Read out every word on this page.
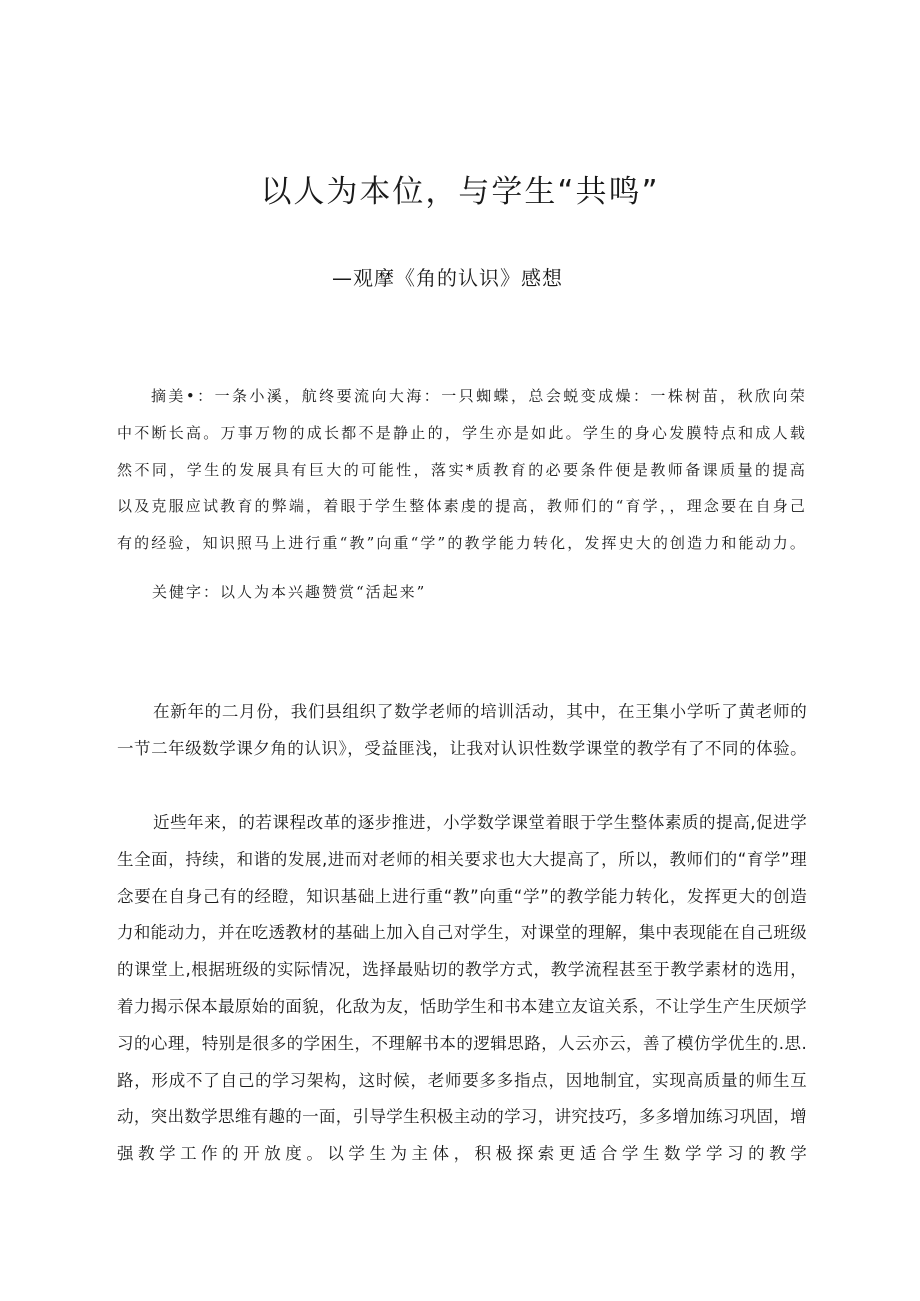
以人为本位，与学生“共鸣”
—观摩《角的认识》感想

摘美•：一条小溪，航终要流向大海：一只蜘蝶，总会蜕变成燥：一株树苗，秋欣向荣中不断长高。万事万物的成长都不是静止的，学生亦是如此。学生的身心发膜特点和成人载然不同，学生的发展具有巨大的可能性，落实*质教育的必要条件便是教师备课质量的提高以及克服应试教育的弊端，着眼于学生整体素虔的提高，教师们的“育学，，理念要在自身己有的经验，知识照马上进行重“教”向重“学”的教学能力转化，发挥史大的创造力和能动力。

关健字：以人为本兴趣赞赏“活起来”

在新年的二月份，我们县组织了数学老师的培训活动，其中，在王集小学听了黄老师的一节二年级数学课夕角的认识》，受益匪浅，让我对认识性数学课堂的教学有了不同的体验。

近些年来，的若课程改革的逐步推进，小学数学课堂着眼于学生整体素质的提高,促进学生全面，持续，和谐的发展,进而对老师的相关要求也大大提高了，所以，教师们的“育学”理念要在自身己有的经瞪，知识基础上进行重“教”向重“学”的教学能力转化，发挥更大的创造力和能动力，并在吃透教材的基础上加入自己对学生，对课堂的理解，集中表现能在自己班级的课堂上,根据班级的实际情况，选择最贴切的教学方式，教学流程甚至于教学素材的选用，着力揭示保本最原始的面貌，化敌为友，恬助学生和书本建立友谊关系，不让学生产生厌烦学习的心理，特别是很多的学困生，不理解书本的逻辑思路，人云亦云，善了模仿学优生的.思.路，形成不了自己的学习架构，这时候，老师要多多指点，因地制宜，实现高质量的师生互动，突出数学思维有趣的一面，引导学生积极主动的学习，讲究技巧，多多增加练习巩固，增强教学工作的开放度。以学生为主体，积极探索更适合学生数学学习的教学
